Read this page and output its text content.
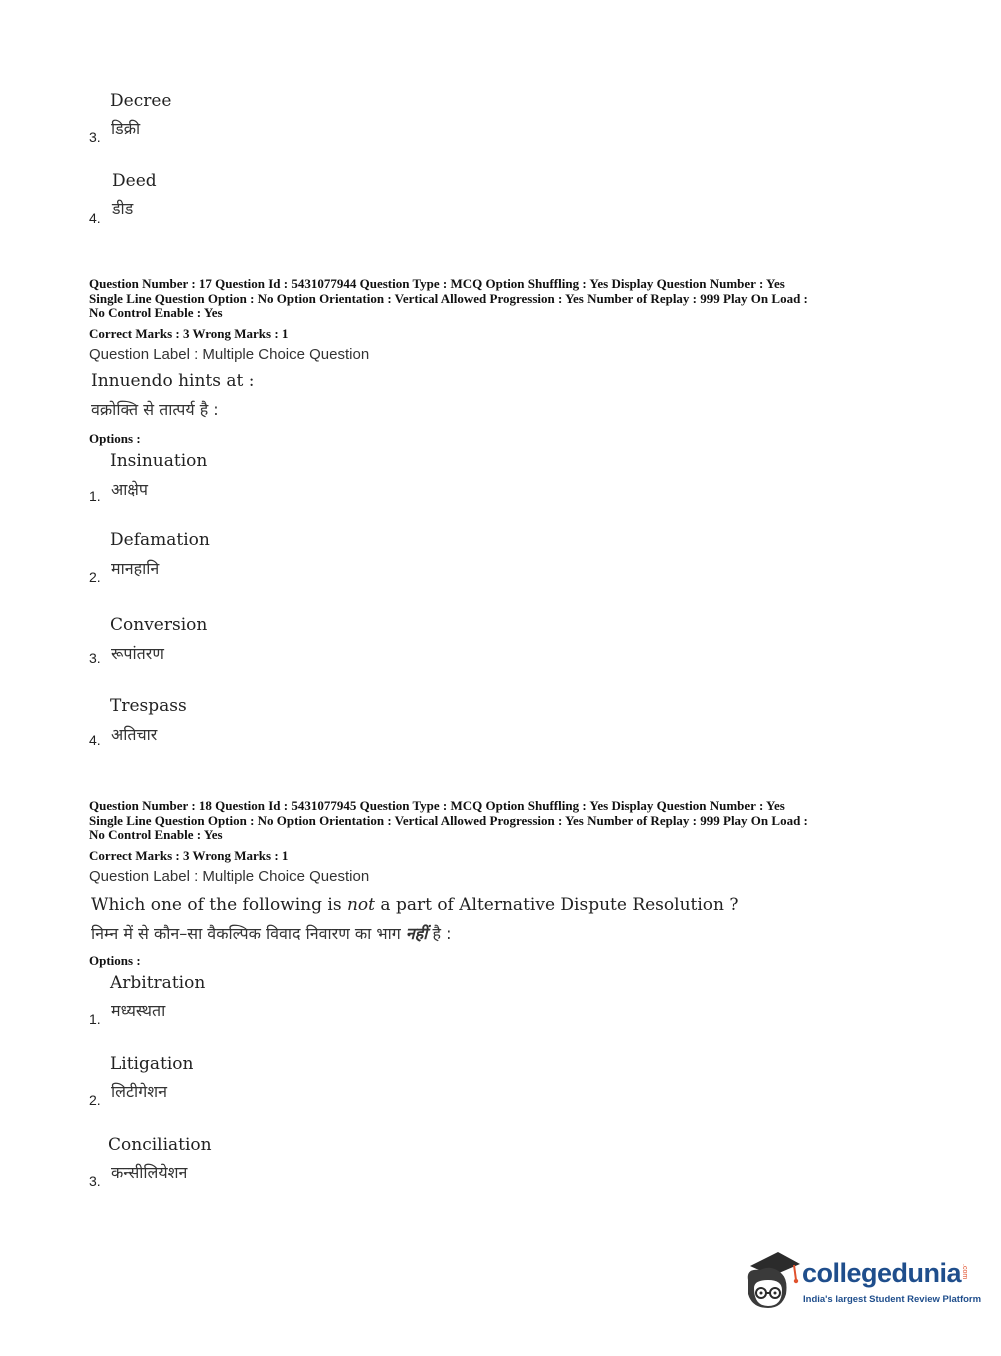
Decree
डिक्री
3.
Deed
डीड
4.
Question Number : 17 Question Id : 5431077944 Question Type : MCQ Option Shuffling : Yes Display Question Number : Yes
Single Line Question Option : No Option Orientation : Vertical Allowed Progression : Yes Number of Replay : 999 Play On Load :
No Control Enable : Yes
Correct Marks : 3 Wrong Marks : 1
Question Label : Multiple Choice Question
Innuendo hints at :
वक्रोक्ति से तात्पर्य है :
Options :
Insinuation
आक्षेप
1.
Defamation
मानहानि
2.
Conversion
रूपांतरण
3.
Trespass
अतिचार
4.
Question Number : 18 Question Id : 5431077945 Question Type : MCQ Option Shuffling : Yes Display Question Number : Yes
Single Line Question Option : No Option Orientation : Vertical Allowed Progression : Yes Number of Replay : 999 Play On Load :
No Control Enable : Yes
Correct Marks : 3 Wrong Marks : 1
Question Label : Multiple Choice Question
Which one of the following is not a part of Alternative Dispute Resolution ?
निम्न में से कौन–सा वैकल्पिक विवाद निवारण का भाग नहीं है :
Options :
Arbitration
मध्यस्थता
1.
Litigation
लिटीगेशन
2.
Conciliation
कन्सीलियेशन
3.
collegedunia .com
India's largest Student Review Platform
